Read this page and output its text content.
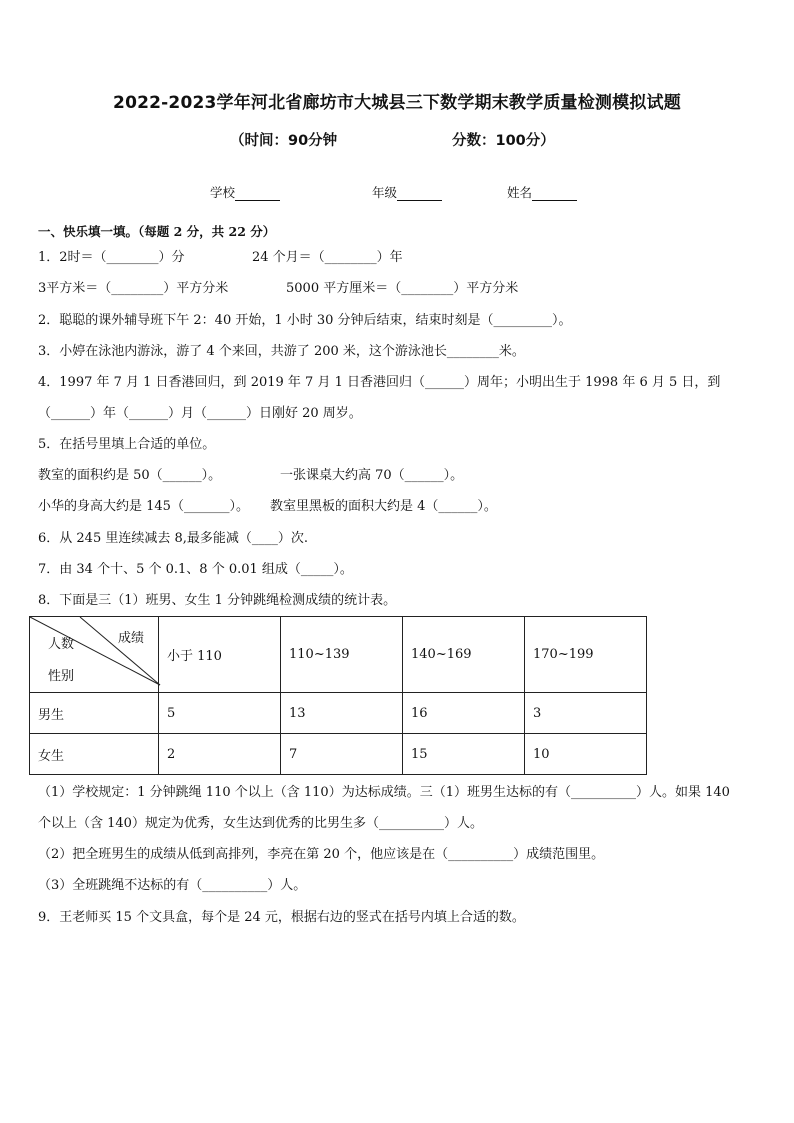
2022-2023学年河北省廊坊市大城县三下数学期末教学质量检测模拟试题
（时间：90分钟	分数：100分）
学校	年级	姓名
一、快乐填一填。（每题 2 分，共 22 分）
1．2时＝（________）分	24 个月＝（________）年
3平方米＝（________）平方分米	5000 平方厘米＝（________）平方分米
2．聪聪的课外辅导班下午 2：40 开始，1 小时 30 分钟后结束，结束时刻是（_________）。
3．小婷在泳池内游泳，游了 4 个来回，共游了 200 米，这个游泳池长________米。
4．1997 年 7 月 1 日香港回归，到 2019 年 7 月 1 日香港回归（______）周年；小明出生于 1998 年 6 月 5 日，到
（______）年（______）月（______）日刚好 20 周岁。
5．在括号里填上合适的单位。
教室的面积约是 50（______）。	一张课桌大约高 70（______）。
小华的身高大约是 145（_______）。 教室里黑板的面积大约是 4（______）。
6．从 245 里连续减去 8,最多能减（____）次.
7．由 34 个十、5 个 0.1、8 个 0.01 组成（_____）。
8．下面是三（1）班男、女生 1 分钟跳绳检测成绩的统计表。
人数 成绩
性别	小于 110	110~139	140~169	170~199
男生	5	13	16	3
女生	2	7	15	10
（1）学校规定：1 分钟跳绳 110 个以上（含 110）为达标成绩。三（1）班男生达标的有（__________）人。如果 140
个以上（含 140）规定为优秀，女生达到优秀的比男生多（__________）人。
（2）把全班男生的成绩从低到高排列，李亮在第 20 个，他应该是在（__________）成绩范围里。
（3）全班跳绳不达标的有（__________）人。
9．王老师买 15 个文具盒，每个是 24 元，根据右边的竖式在括号内填上合适的数。
